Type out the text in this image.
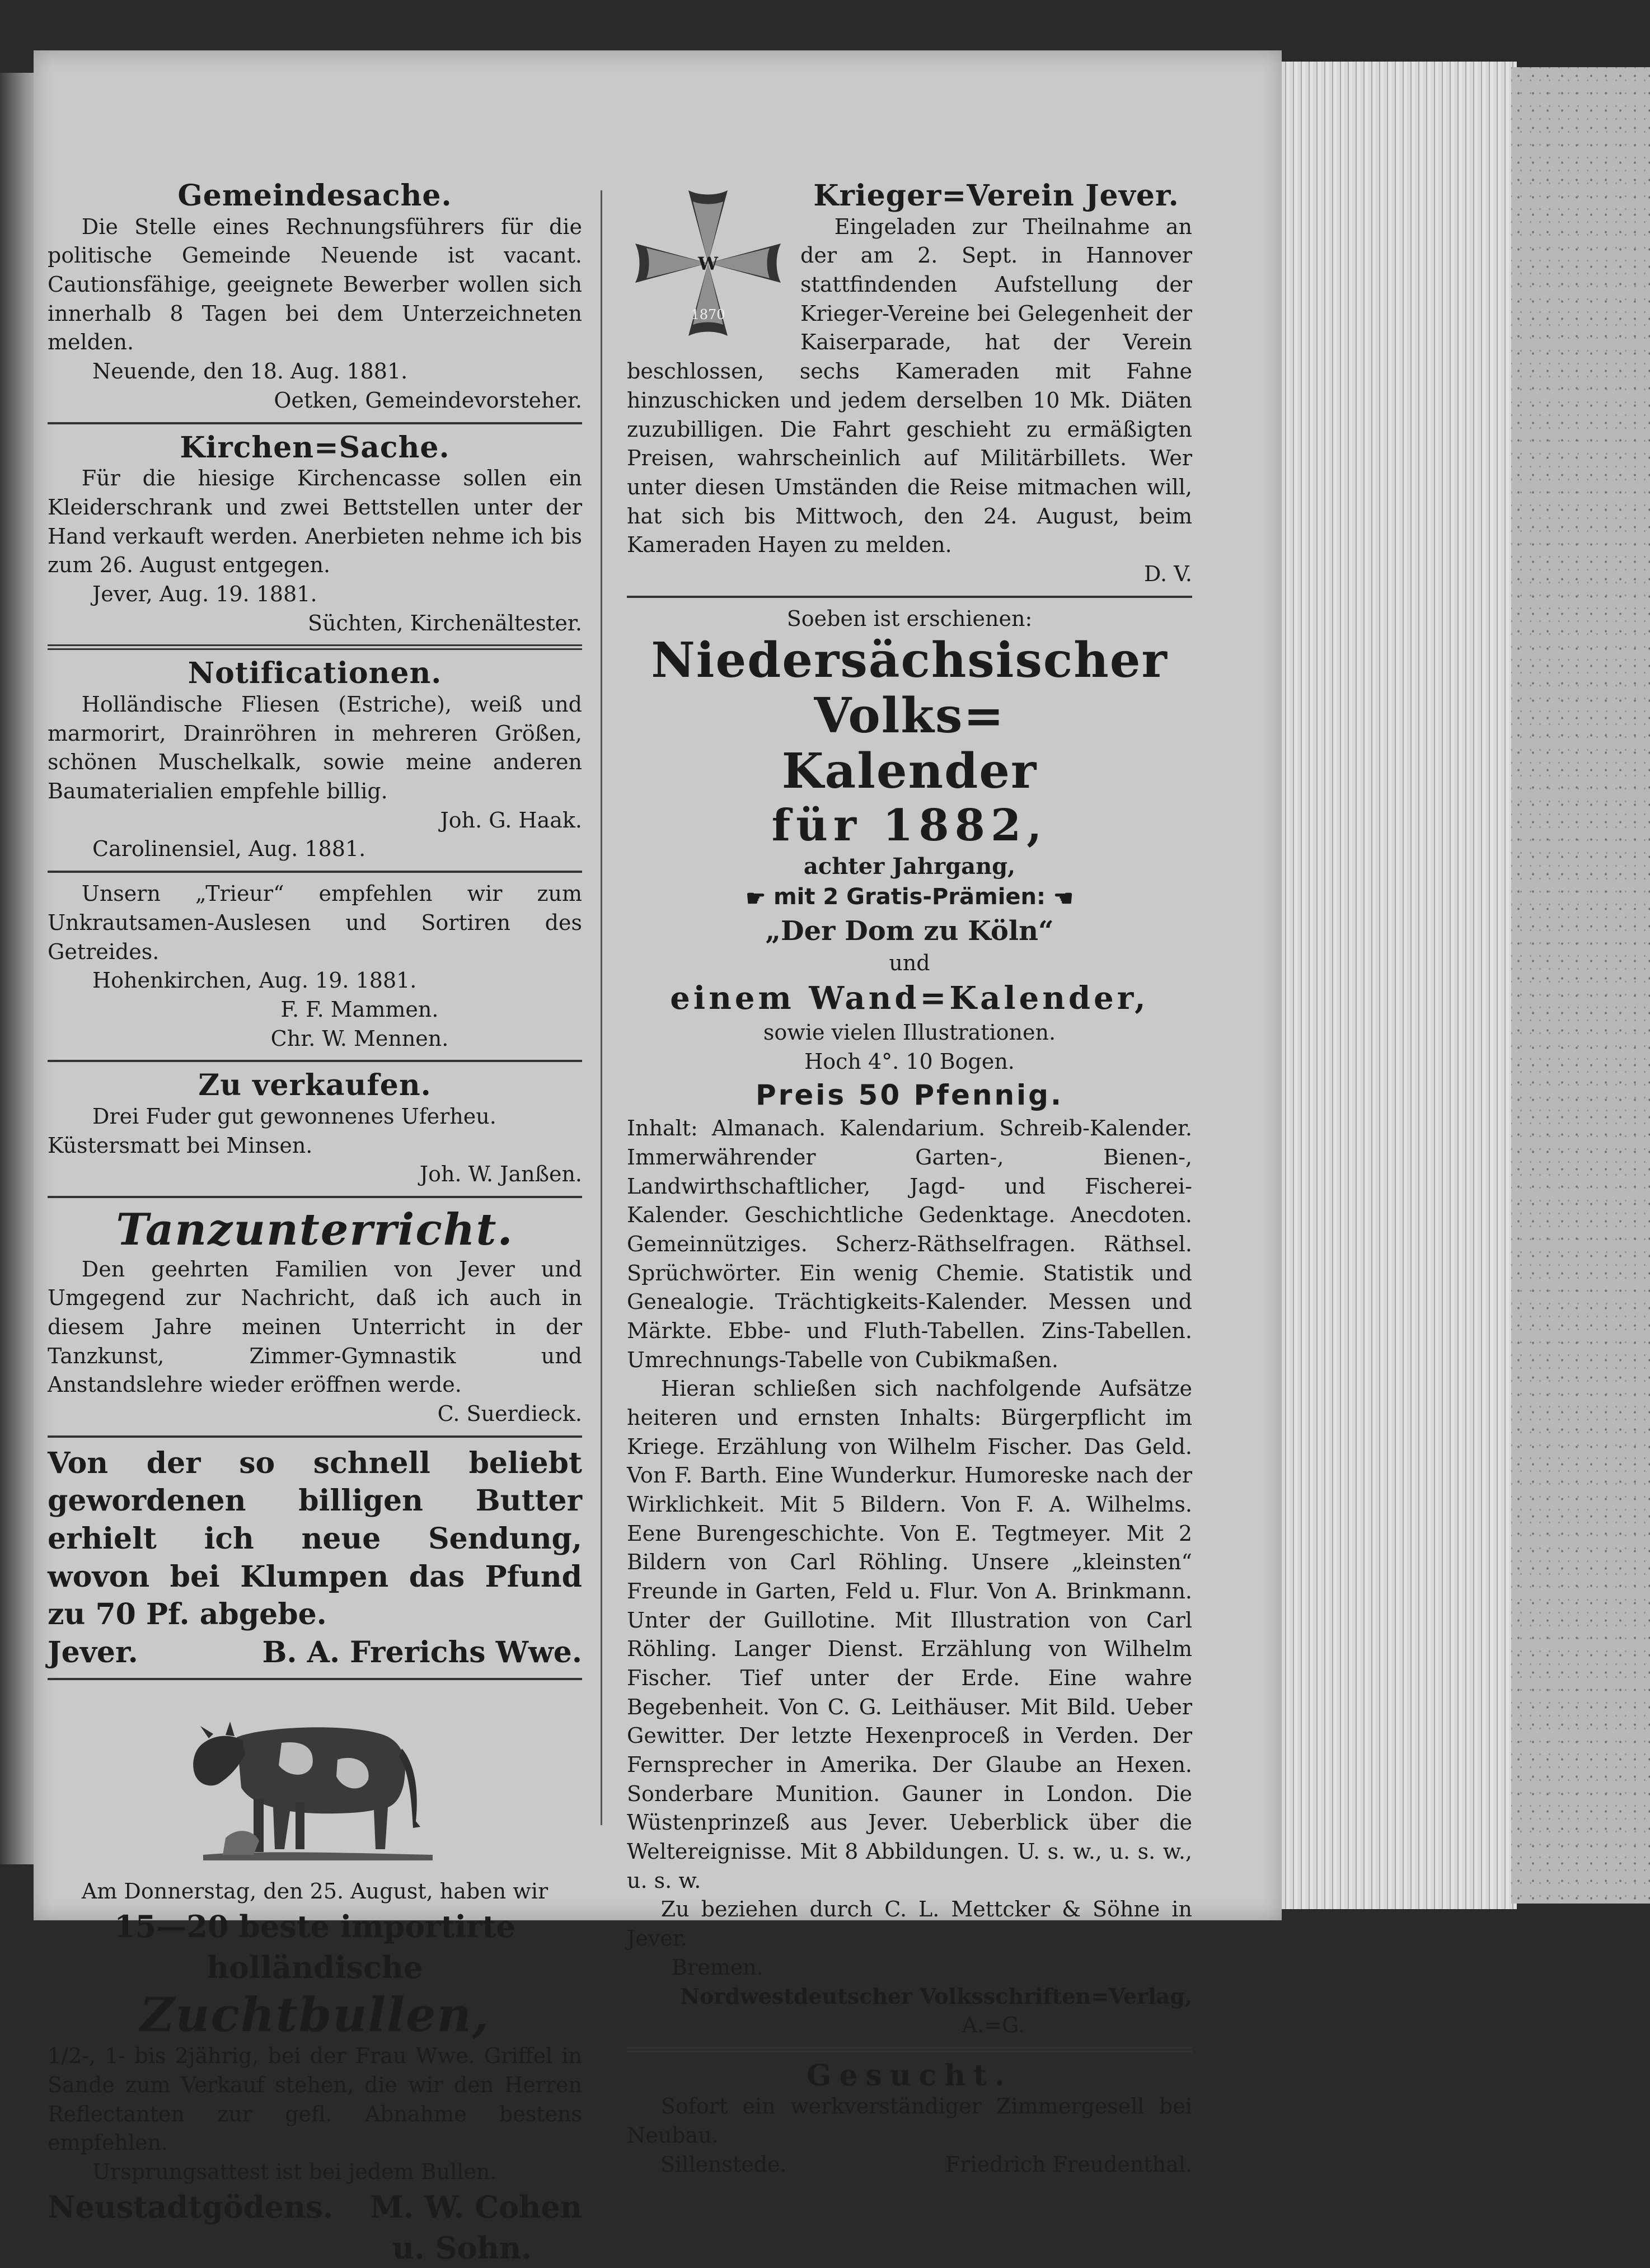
Gemeindesache.

Die Stelle eines Rechnungsführers für die politische Gemeinde Neuende ist vacant. Cautionsfähige, geeignete Bewerber wollen sich innerhalb 8 Tagen bei dem Unterzeichneten melden.

Neuende, den 18. Aug. 1881.

Oetken, Gemeindevorsteher.

Kirchen=Sache.

Für die hiesige Kirchencasse sollen ein Kleiderschrank und zwei Bettstellen unter der Hand verkauft werden. Anerbieten nehme ich bis zum 26. August entgegen.

Jever, Aug. 19. 1881.

Süchten, Kirchenältester.

Notificationen.

Holländische Fliesen (Estriche), weiß und marmorirt, Drainröhren in mehreren Größen, schönen Muschelkalk, sowie meine anderen Baumaterialien empfehle billig.

Joh. G. Haak.

Carolinensiel, Aug. 1881.

Unsern „Trieur“ empfehlen wir zum Unkrautsamen-Auslesen und Sortiren des Getreides.

Hohenkirchen, Aug. 19. 1881.

F. F. Mammen.

Chr. W. Mennen.

Zu verkaufen.

Drei Fuder gut gewonnenes Uferheu.

Küstersmatt bei Minsen.

Joh. W. Janßen.

Tanzunterricht.

Den geehrten Familien von Jever und Umgegend zur Nachricht, daß ich auch in diesem Jahre meinen Unterricht in der Tanzkunst, Zimmer-Gymnastik und Anstandslehre wieder eröffnen werde.

C. Suerdieck.

Von der so schnell beliebt gewordenen billigen Butter erhielt ich neue Sendung, wovon bei Klumpen das Pfund zu 70 Pf. abgebe.

Jever.	B. A. Frerichs Wwe.

Am Donnerstag, den 25. August, haben wir

15—20 beste importirte holländische

Zuchtbullen,

1/2-, 1- bis 2jährig, bei der Frau Wwe. Griffel in Sande zum Verkauf stehen, die wir den Herren Reflectanten zur gefl. Abnahme bestens empfehlen.

Ursprungsattest ist bei jedem Bullen.

Neustadtgödens. M. W. Cohen

u. Sohn.

W
1870
Krieger=Verein Jever.

Eingeladen zur Theilnahme an der am 2. Sept. in Hannover stattfindenden Aufstellung der Krieger-Vereine bei Gelegenheit der Kaiserparade, hat der Verein beschlossen, sechs Kameraden mit Fahne hinzuschicken und jedem derselben 10 Mk. Diäten zuzubilligen. Die Fahrt geschieht zu ermäßigten Preisen, wahrscheinlich auf Militärbillets. Wer unter diesen Umständen die Reise mitmachen will, hat sich bis Mittwoch, den 24. August, beim Kameraden Hayen zu melden.

D. V.

Soeben ist erschienen:

Niedersächsischer Volks=
Kalender

für 1882,

achter Jahrgang,

☛ mit 2 Gratis-Prämien: ☚

„Der Dom zu Köln“

und

einem Wand=Kalender,

sowie vielen Illustrationen.

Hoch 4°. 10 Bogen.

Preis 50 Pfennig.

Inhalt: Almanach. Kalendarium. Schreib-Kalender. Immerwährender Garten-, Bienen-, Landwirthschaftlicher, Jagd- und Fischerei-Kalender. Geschichtliche Gedenktage. Anecdoten. Gemeinnütziges. Scherz-Räthselfragen. Räthsel. Sprüchwörter. Ein wenig Chemie. Statistik und Genealogie. Trächtigkeits-Kalender. Messen und Märkte. Ebbe- und Fluth-Tabellen. Zins-Tabellen. Umrechnungs-Tabelle von Cubikmaßen.

Hieran schließen sich nachfolgende Aufsätze heiteren und ernsten Inhalts: Bürgerpflicht im Kriege. Erzählung von Wilhelm Fischer. Das Geld. Von F. Barth. Eine Wunderkur. Humoreske nach der Wirklichkeit. Mit 5 Bildern. Von F. A. Wilhelms. Eene Burengeschichte. Von E. Tegtmeyer. Mit 2 Bildern von Carl Röhling. Unsere „kleinsten“ Freunde in Garten, Feld u. Flur. Von A. Brinkmann. Unter der Guillotine. Mit Illustration von Carl Röhling. Langer Dienst. Erzählung von Wilhelm Fischer. Tief unter der Erde. Eine wahre Begebenheit. Von C. G. Leithäuser. Mit Bild. Ueber Gewitter. Der letzte Hexenproceß in Verden. Der Fernsprecher in Amerika. Der Glaube an Hexen. Sonderbare Munition. Gauner in London. Die Wüstenprinzeß aus Jever. Ueberblick über die Weltereignisse. Mit 8 Abbildungen. U. s. w., u. s. w., u. s. w.

Zu beziehen durch C. L. Mettcker & Söhne in Jever.

Bremen.

Nordwestdeutscher Volksschriften=Verlag,

A.=G.

Gesucht.

Sofort ein werkverständiger Zimmergesell bei Neubau.

Sillenstede.	Friedrich Freudenthal.
